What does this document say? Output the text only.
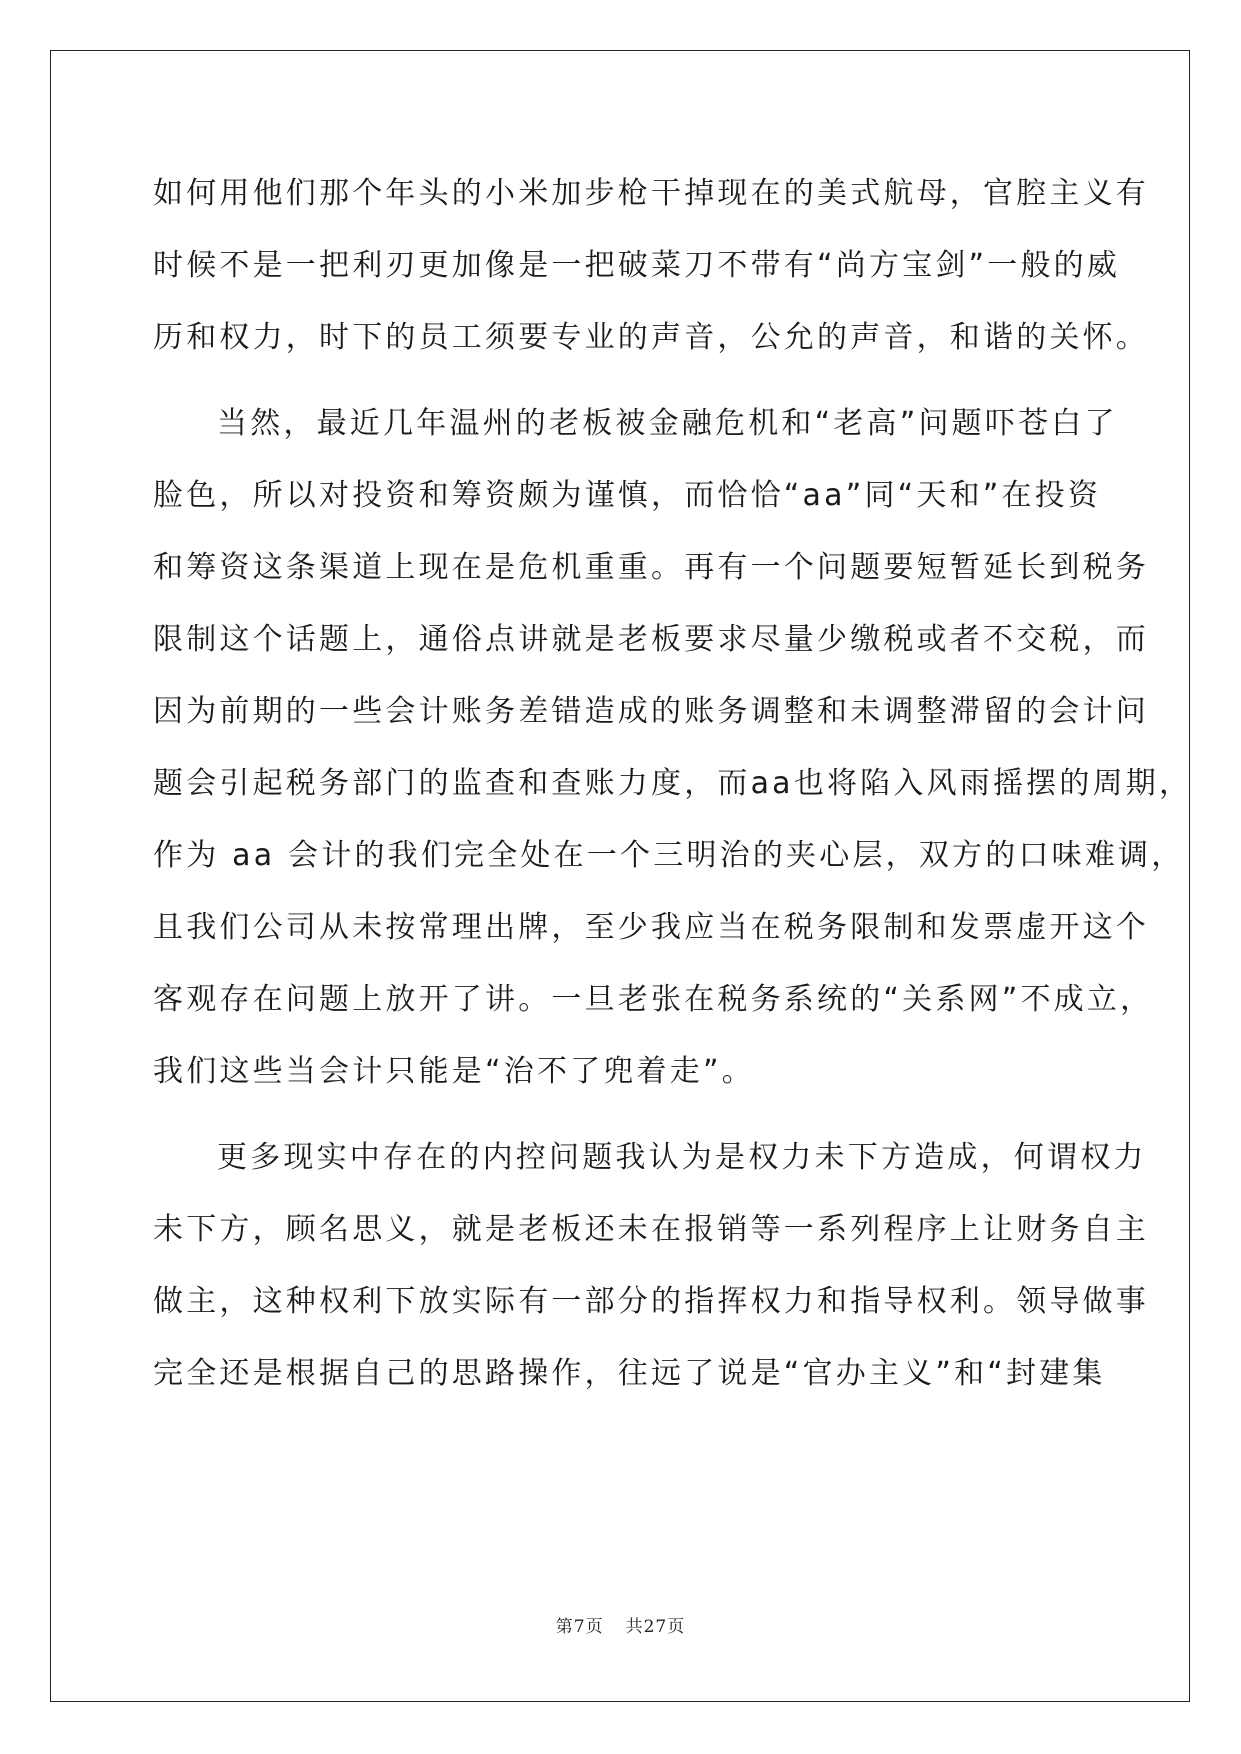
如何用他们那个年头的小米加步枪干掉现在的美式航母，官腔主义有
时候不是一把利刃更加像是一把破菜刀不带有“尚方宝剑”一般的威
历和权力，时下的员工须要专业的声音，公允的声音，和谐的关怀。
当然，最近几年温州的老板被金融危机和“老高”问题吓苍白了
脸色，所以对投资和筹资颇为谨慎，而恰恰“aa”同“天和”在投资
和筹资这条渠道上现在是危机重重。再有一个问题要短暂延长到税务
限制这个话题上，通俗点讲就是老板要求尽量少缴税或者不交税，而
因为前期的一些会计账务差错造成的账务调整和未调整滞留的会计问
题会引起税务部门的监查和查账力度，而aa也将陷入风雨摇摆的周期，
作为 aa 会计的我们完全处在一个三明治的夹心层，双方的口味难调，
且我们公司从未按常理出牌，至少我应当在税务限制和发票虚开这个
客观存在问题上放开了讲。一旦老张在税务系统的“关系网”不成立，
我们这些当会计只能是“治不了兜着走”。
更多现实中存在的内控问题我认为是权力未下方造成，何谓权力
未下方，顾名思义，就是老板还未在报销等一系列程序上让财务自主
做主，这种权利下放实际有一部分的指挥权力和指导权利。领导做事
完全还是根据自己的思路操作，往远了说是“官办主义”和“封建集
第7页 共27页
